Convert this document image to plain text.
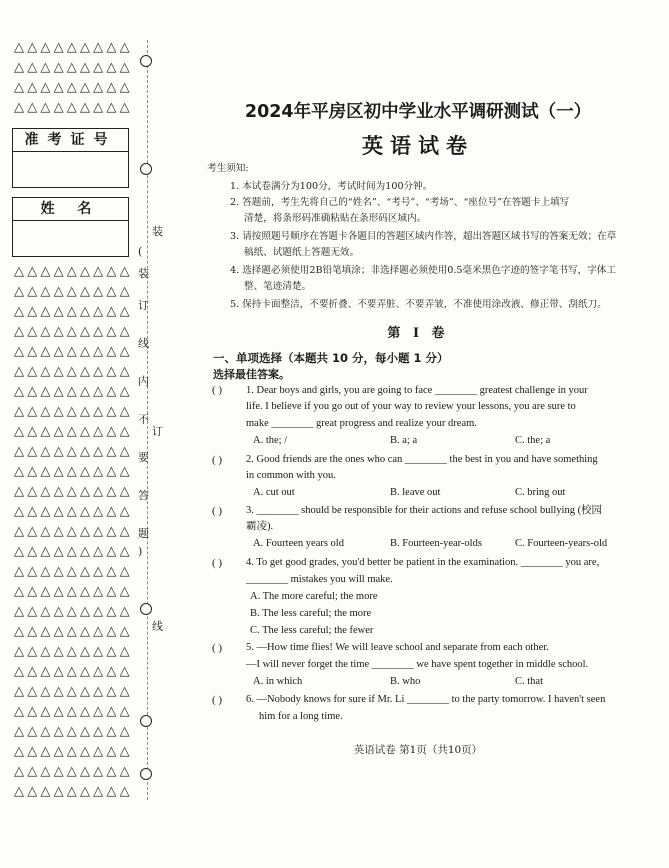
△△△△△△△△△
△△△△△△△△△
△△△△△△△△△
△△△△△△△△△
△△△△△△△△△
△△△△△△△△△
△△△△△△△△△
△△△△△△△△△
△△△△△△△△△
△△△△△△△△△
△△△△△△△△△
△△△△△△△△△
△△△△△△△△△
△△△△△△△△△
△△△△△△△△△
△△△△△△△△△
△△△△△△△△△
△△△△△△△△△
△△△△△△△△△
△△△△△△△△△
△△△△△△△△△
△△△△△△△△△
△△△△△△△△△
△△△△△△△△△
△△△△△△△△△
△△△△△△△△△
△△△△△△△△△
△△△△△△△△△
△△△△△△△△△
△△△△△△△△△
△△△△△△△△△
准考证号
姓 名
(
装
订
线
内
不
要
答
题
)
装
订
线
2024年平房区初中学业水平调研测试（一）
英语试卷
考生须知:
1. 本试卷满分为100分，考试时间为100分钟。
2. 答题前，考生先将自己的“姓名”、“考号”、“考场”、“座位号”在答题卡上填写
清楚，将条形码准确粘贴在条形码区域内。
3. 请按照题号顺序在答题卡各题目的答题区域内作答，超出答题区域书写的答案无效；在草
稿纸、试题纸上答题无效。
4. 选择题必须使用2B铅笔填涂；非选择题必须使用0.5毫米黑色字迹的签字笔书写，字体工
整、笔迹清楚。
5. 保持卡面整洁，不要折叠、不要弄脏、不要弄皱，不准使用涂改液、修正带、刮纸刀。
第 Ⅰ 卷
一、单项选择（本题共 10 分，每小题 1 分）
选择最佳答案。
( ) 1. Dear boys and girls, you are going to face ________ greatest challenge in your
life. I believe if you go out of your way to review your lessons, you are sure to
make ________ great progress and realize your dream.
A. the; /	B. a; a	C. the; a
( ) 2. Good friends are the ones who can ________ the best in you and have something
in common with you.
A. cut out	B. leave out	C. bring out
( ) 3. ________ should be responsible for their actions and refuse school bullying (校园
霸凌).
A. Fourteen years old	B. Fourteen-year-olds	C. Fourteen-years-old
( ) 4. To get good grades, you'd better be patient in the examination. ________ you are,
________ mistakes you will make.
A. The more careful; the more
B. The less careful; the more
C. The less careful; the fewer
( ) 5. —How time flies! We will leave school and separate from each other.
—I will never forget the time ________ we have spent together in middle school.
A. in which	B. who	C. that
( ) 6. —Nobody knows for sure if Mr. Li ________ to the party tomorrow. I haven't seen
him for a long time.
英语试卷 第1页（共10页）
